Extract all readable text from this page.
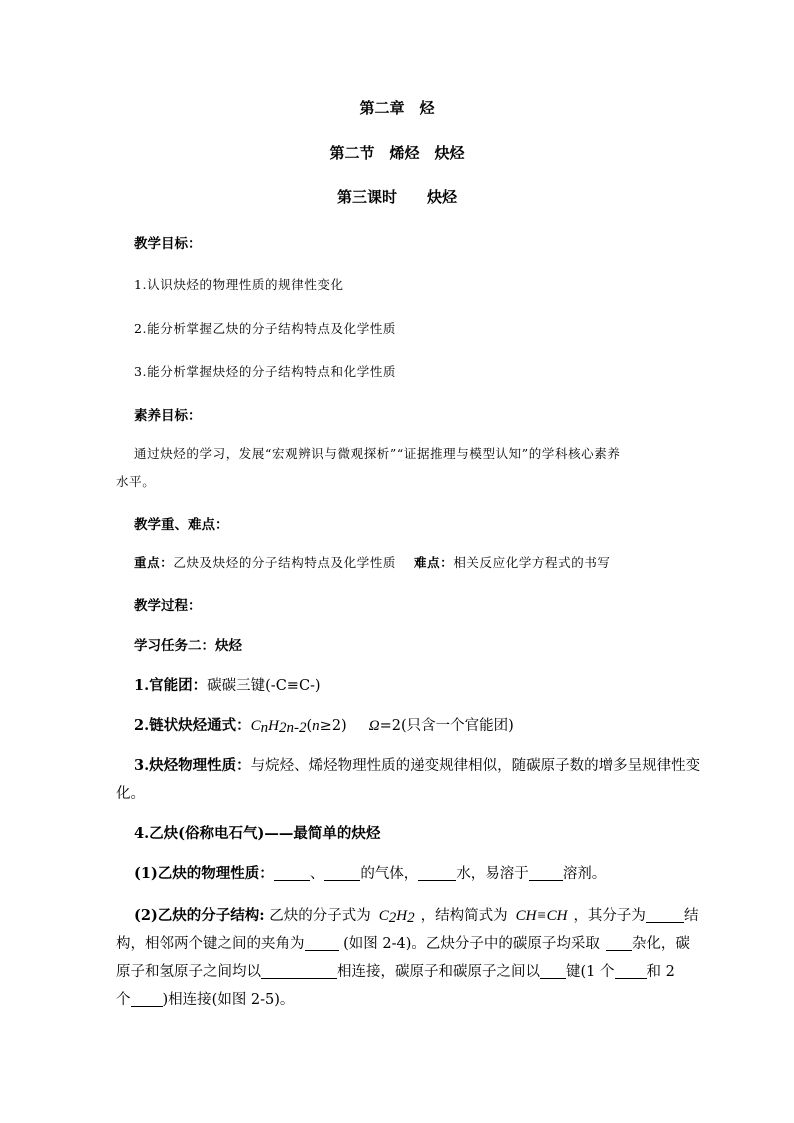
第二章　烃
第二节　烯烃　炔烃
第三课时　　炔烃
教学目标：
1.认识炔烃的物理性质的规律性变化
2.能分析掌握乙炔的分子结构特点及化学性质
3.能分析掌握炔烃的分子结构特点和化学性质
素养目标：
通过炔烃的学习，发展“宏观辨识与微观探析”“证据推理与模型认知”的学科核心素养
水平。
教学重、难点：
重点：乙炔及炔烃的分子结构特点及化学性质 难点：相关反应化学方程式的书写
教学过程：
学习任务二：炔烃
1.官能团：碳碳三键(-C≡C-)
2.链状炔烃通式：$C_nH_{2n-2}(n\ge 2)$ Ω=2(只含一个官能团)
3.炔烃物理性质：与烷烃、烯烃物理性质的递变规律相似，随碳原子数的增多呈规律性变
化。
4.乙炔(俗称电石气)——最简单的炔烃
(1)乙炔的物理性质： 、 的气体，	水，易溶于 溶剂。
(2)乙炔的分子结构: 乙炔的分子式为 $C_2H_2$ ，结构简式为 CH≡CH ，其分子为	结
构，相邻两个键之间的夹角为 (如图 2-4)。乙炔分子中的碳原子均采取 杂化，碳
原子和氢原子之间均以	相连接，碳原子和碳原子之间以 键(1 个 和 2
个 )相连接(如图 2-5)。
